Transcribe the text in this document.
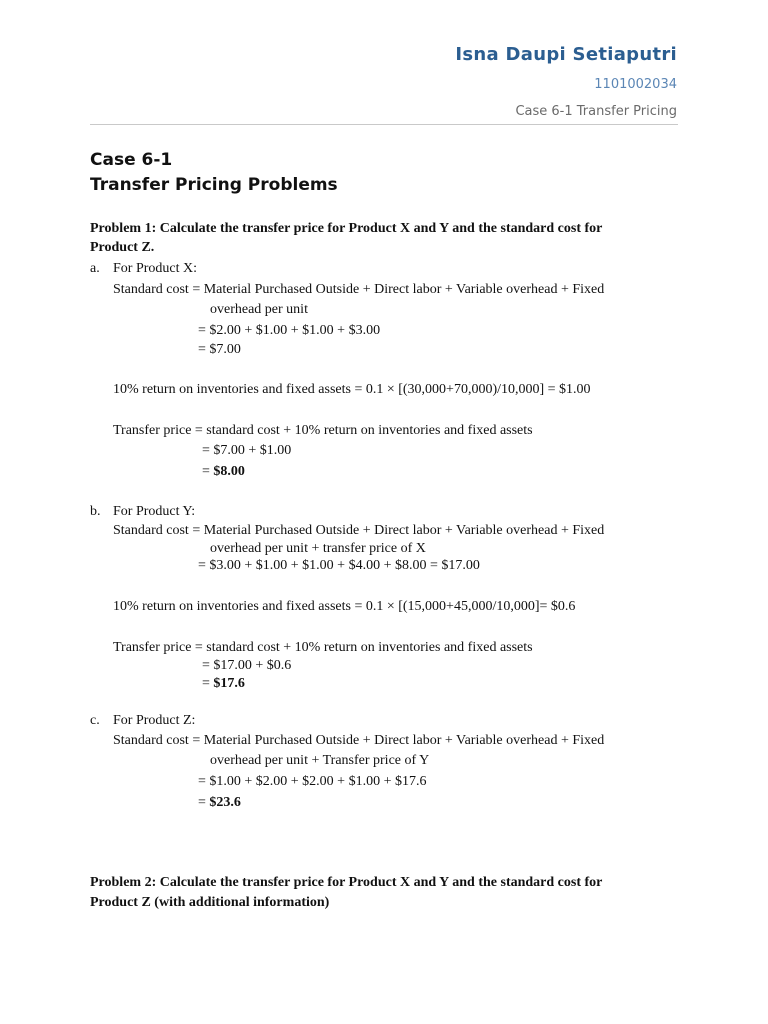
Isna Daupi Setiaputri
1101002034
Case 6-1 Transfer Pricing
Case 6-1
Transfer Pricing Problems
Problem 1: Calculate the transfer price for Product X and Y and the standard cost for
Product Z.
a. For Product X:
Standard cost = Material Purchased Outside + Direct labor + Variable overhead + Fixed
overhead per unit
= $2.00 + $1.00 + $1.00 + $3.00
= $7.00
10% return on inventories and fixed assets = 0.1 × [(30,000+70,000)/10,000] = $1.00
Transfer price = standard cost + 10% return on inventories and fixed assets
= $7.00 + $1.00
= $8.00
b. For Product Y:
Standard cost = Material Purchased Outside + Direct labor + Variable overhead + Fixed
overhead per unit + transfer price of X
= $3.00 + $1.00 + $1.00 + $4.00 + $8.00 = $17.00
10% return on inventories and fixed assets = 0.1 × [(15,000+45,000/10,000]= $0.6
Transfer price = standard cost + 10% return on inventories and fixed assets
= $17.00 + $0.6
= $17.6
c. For Product Z:
Standard cost = Material Purchased Outside + Direct labor + Variable overhead + Fixed
overhead per unit + Transfer price of Y
= $1.00 + $2.00 + $2.00 + $1.00 + $17.6
= $23.6
Problem 2: Calculate the transfer price for Product X and Y and the standard cost for
Product Z (with additional information)
